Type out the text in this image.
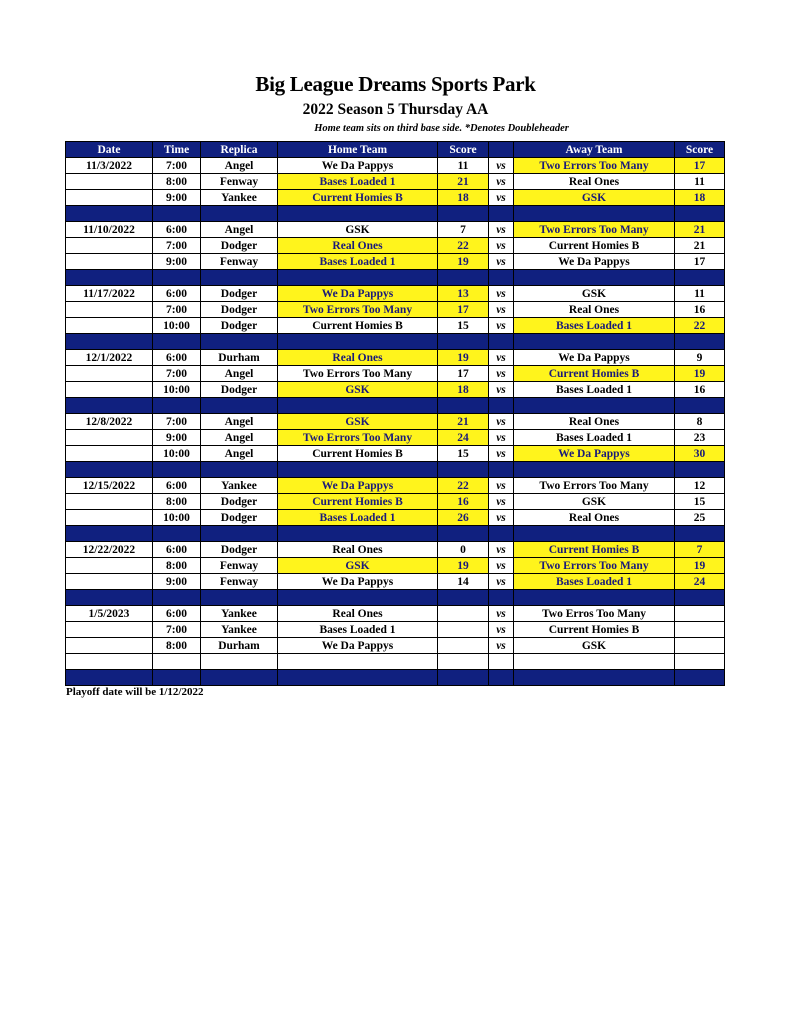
Big League Dreams Sports Park
2022 Season 5 Thursday AA
Home team sits on third base side. *Denotes Doubleheader
Date	Time	Replica	Home Team	Score		Away Team	Score
11/3/2022	7:00	Angel	We Da Pappys	11	vs	Two Errors Too Many	17
	8:00	Fenway	Bases Loaded 1	21	vs	Real Ones	11
	9:00	Yankee	Current Homies B	18	vs	GSK	18

11/10/2022	6:00	Angel	GSK	7	vs	Two Errors Too Many	21
	7:00	Dodger	Real Ones	22	vs	Current Homies B	21
	9:00	Fenway	Bases Loaded 1	19	vs	We Da Pappys	17

11/17/2022	6:00	Dodger	We Da Pappys	13	vs	GSK	11
	7:00	Dodger	Two Errors Too Many	17	vs	Real Ones	16
	10:00	Dodger	Current Homies B	15	vs	Bases Loaded 1	22

12/1/2022	6:00	Durham	Real Ones	19	vs	We Da Pappys	9
	7:00	Angel	Two Errors Too Many	17	vs	Current Homies B	19
	10:00	Dodger	GSK	18	vs	Bases Loaded 1	16

12/8/2022	7:00	Angel	GSK	21	vs	Real Ones	8
	9:00	Angel	Two Errors Too Many	24	vs	Bases Loaded 1	23
	10:00	Angel	Current Homies B	15	vs	We Da Pappys	30

12/15/2022	6:00	Yankee	We Da Pappys	22	vs	Two Errors Too Many	12
	8:00	Dodger	Current Homies B	16	vs	GSK	15
	10:00	Dodger	Bases Loaded 1	26	vs	Real Ones	25

12/22/2022	6:00	Dodger	Real Ones	0	vs	Current Homies B	7
	8:00	Fenway	GSK	19	vs	Two Errors Too Many	19
	9:00	Fenway	We Da Pappys	14	vs	Bases Loaded 1	24

1/5/2023	6:00	Yankee	Real Ones		vs	Two Erros Too Many	
	7:00	Yankee	Bases Loaded 1		vs	Current Homies B	
	8:00	Durham	We Da Pappys		vs	GSK	

Playoff date will be 1/12/2022
